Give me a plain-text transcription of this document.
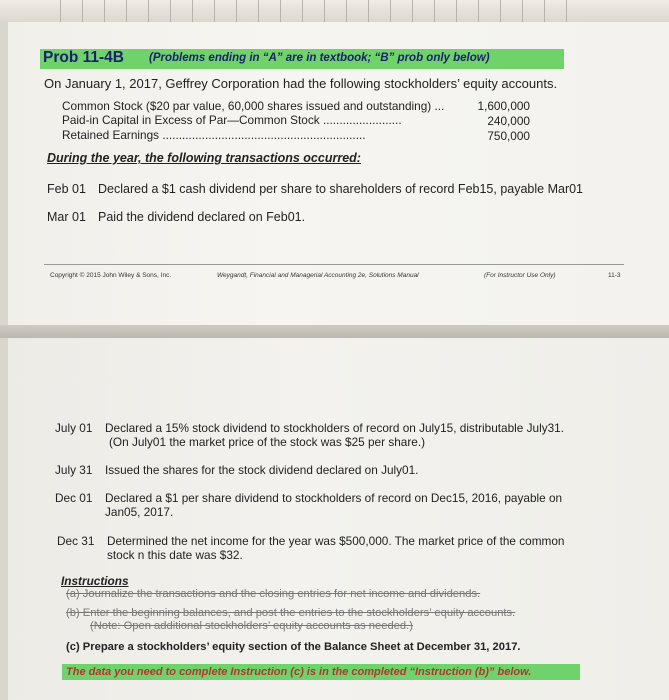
Prob 11-4B (Problems ending in “A” are in textbook; “B” prob only below)
On January 1, 2017, Geffrey Corporation had the following stockholders’ equity accounts.
Common Stock ($20 par value, 60,000 shares issued and outstanding) ...	1,600,000
Paid-in Capital in Excess of Par—Common Stock ........................	240,000
Retained Earnings ..............................................................	750,000
During the year, the following transactions occurred:
Feb 01 Declared a $1 cash dividend per share to shareholders of record Feb15, payable Mar01
Mar 01 Paid the dividend declared on Feb01.
Copyright © 2015 John Wiley & Sons, Inc.	Weygandt, Financial and Managerial Accounting 2e, Solutions Manual	(For Instructor Use Only)	11-3
July 01 Declared a 15% stock dividend to stockholders of record on July15, distributable July31.
(On July01 the market price of the stock was $25 per share.)
July 31 Issued the shares for the stock dividend declared on July01.
Dec 01 Declared a $1 per share dividend to stockholders of record on Dec15, 2016, payable on
Jan05, 2017.
Dec 31 Determined the net income for the year was $500,000. The market price of the common
stock n this date was $32.
Instructions
(a) Journalize the transactions and the closing entries for net income and dividends.
(b) Enter the beginning balances, and post the entries to the stockholders’ equity accounts.
(Note: Open additional stockholders’ equity accounts as needed.)
(c) Prepare a stockholders’ equity section of the Balance Sheet at December 31, 2017.
The data you need to complete Instruction (c) is in the completed “Instruction (b)” below.
